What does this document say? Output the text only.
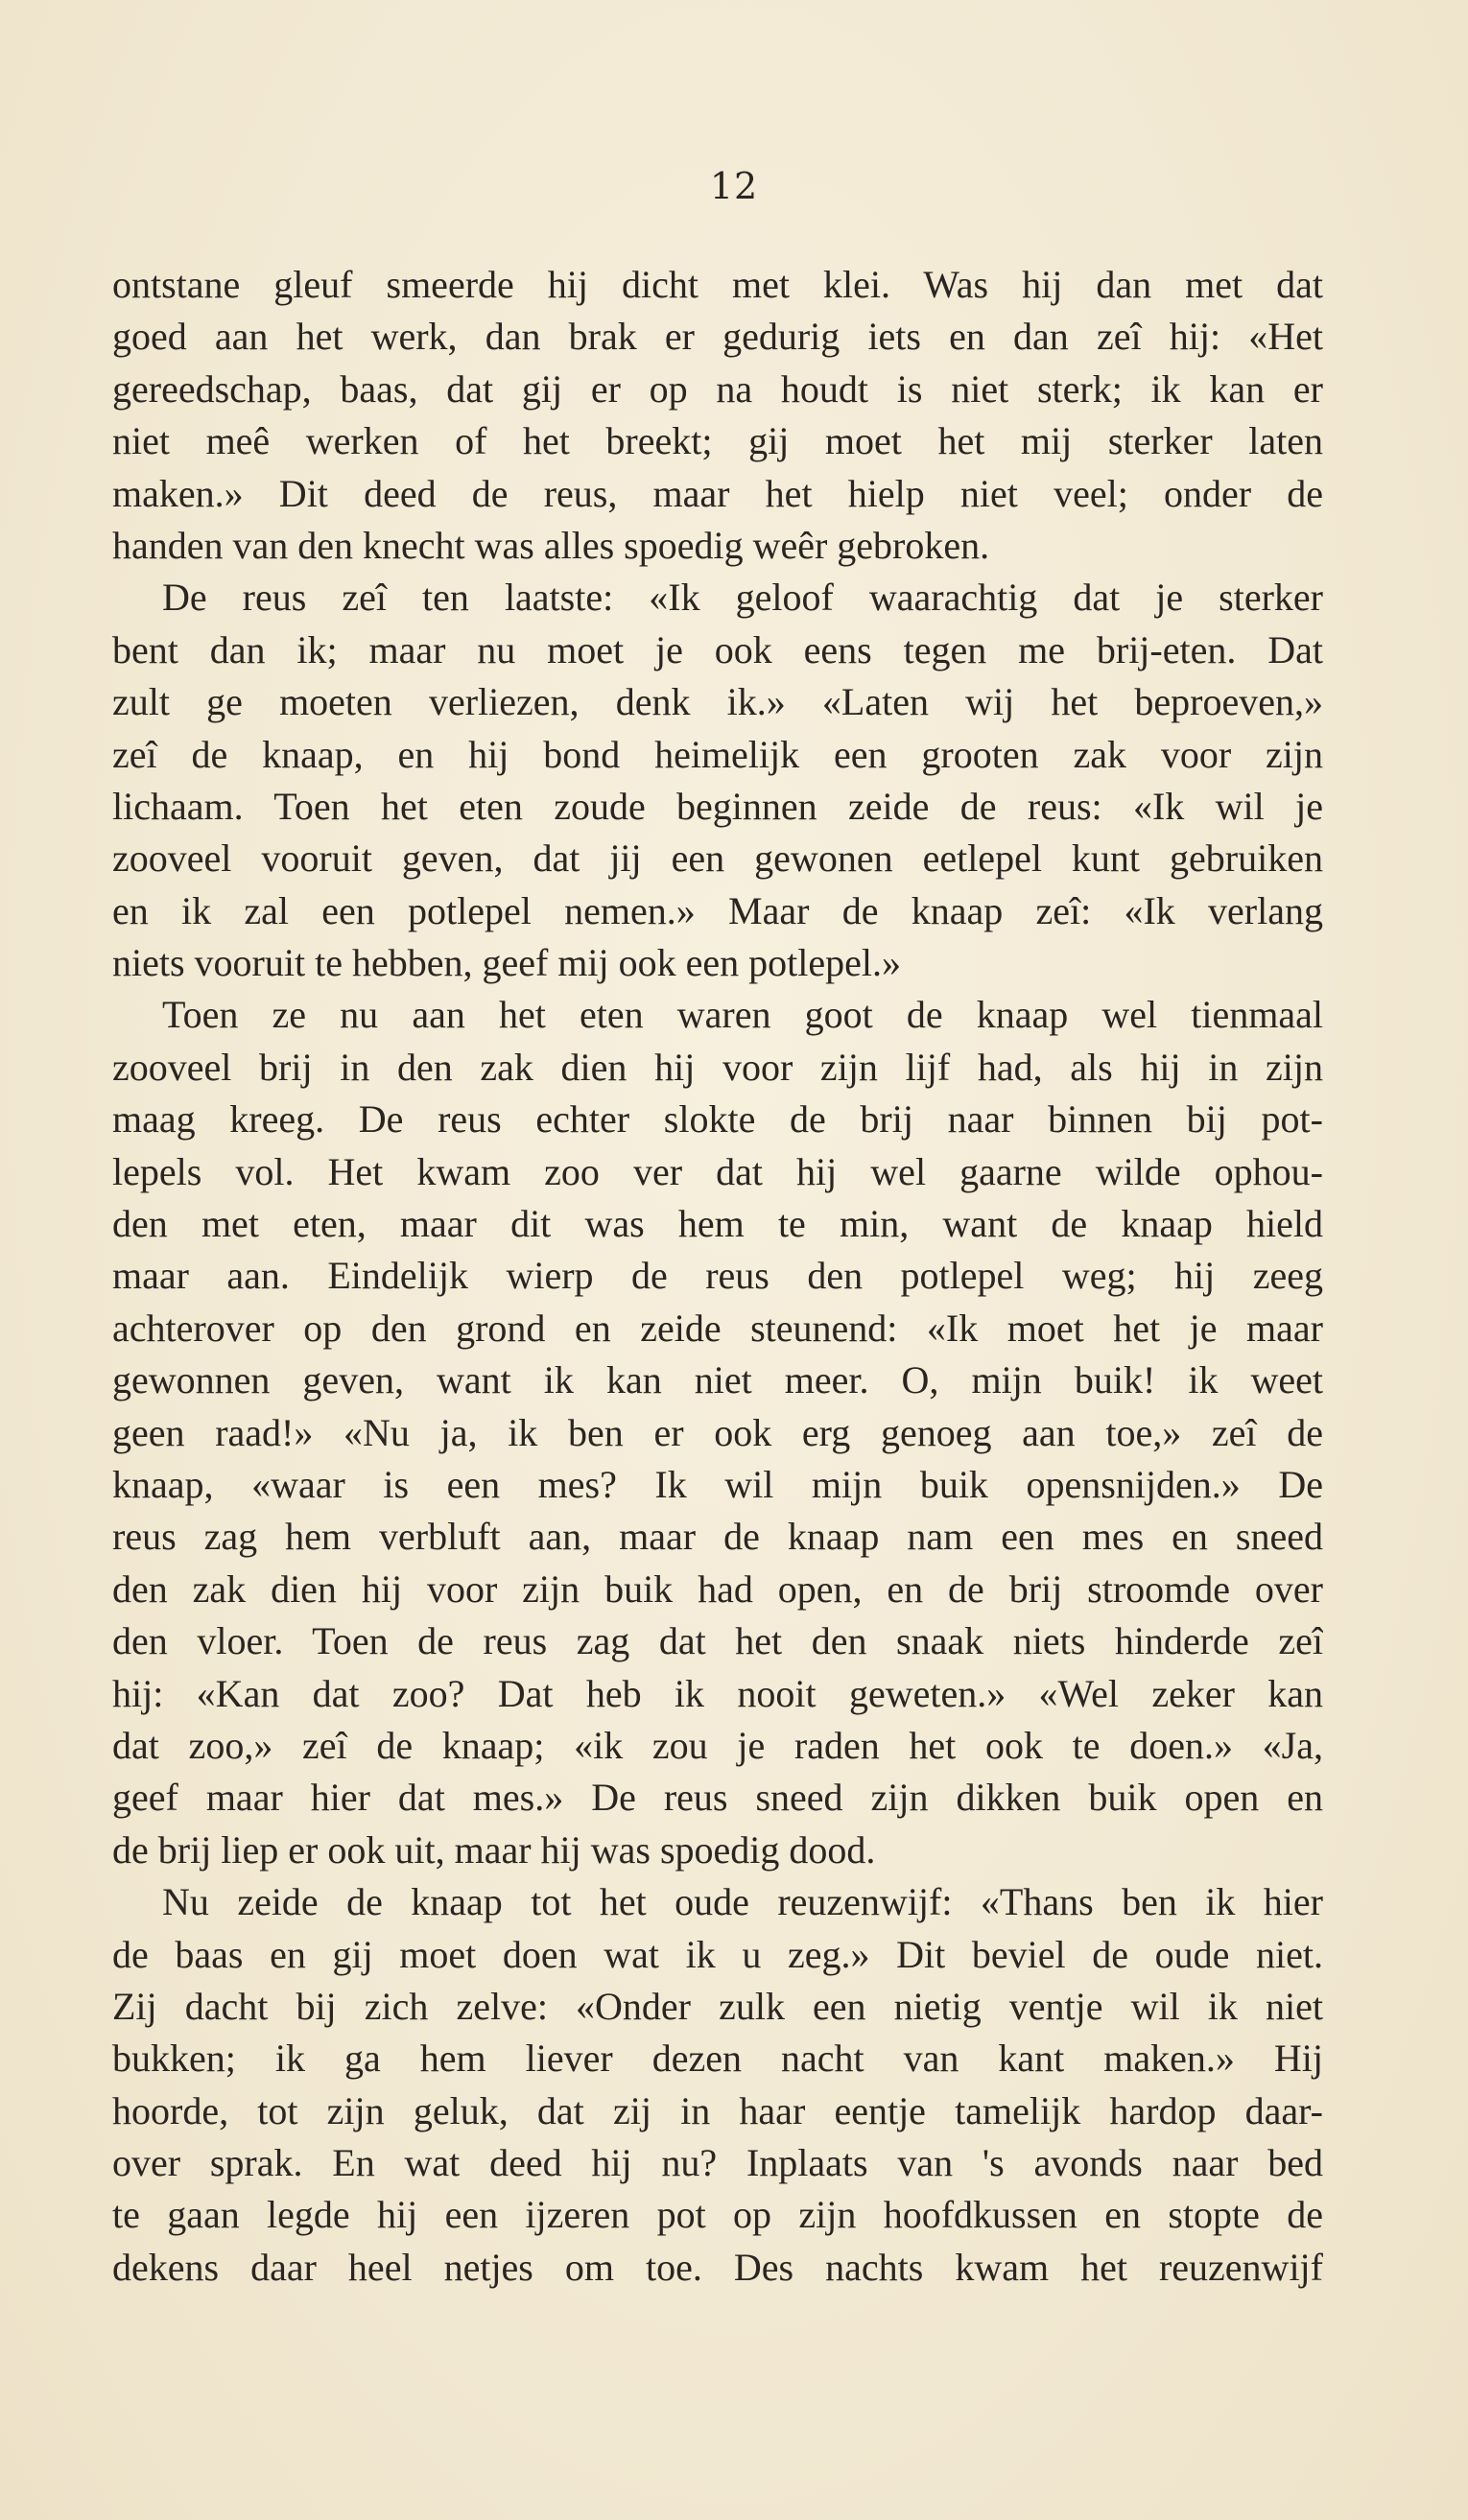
12
ontstane gleuf smeerde hij dicht met klei. Was hij dan met dat
goed aan het werk, dan brak er gedurig iets en dan zeî hij: «Het
gereedschap, baas, dat gij er op na houdt is niet sterk; ik kan er
niet meê werken of het breekt; gij moet het mij sterker laten
maken.» Dit deed de reus, maar het hielp niet veel; onder de
handen van den knecht was alles spoedig weêr gebroken.
De reus zeî ten laatste: «Ik geloof waarachtig dat je sterker
bent dan ik; maar nu moet je ook eens tegen me brij-eten. Dat
zult ge moeten verliezen, denk ik.» «Laten wij het beproeven,»
zeî de knaap, en hij bond heimelijk een grooten zak voor zijn
lichaam. Toen het eten zoude beginnen zeide de reus: «Ik wil je
zooveel vooruit geven, dat jij een gewonen eetlepel kunt gebruiken
en ik zal een potlepel nemen.» Maar de knaap zeî: «Ik verlang
niets vooruit te hebben, geef mij ook een potlepel.»
Toen ze nu aan het eten waren goot de knaap wel tienmaal
zooveel brij in den zak dien hij voor zijn lijf had, als hij in zijn
maag kreeg. De reus echter slokte de brij naar binnen bij pot-
lepels vol. Het kwam zoo ver dat hij wel gaarne wilde ophou-
den met eten, maar dit was hem te min, want de knaap hield
maar aan. Eindelijk wierp de reus den potlepel weg; hij zeeg
achterover op den grond en zeide steunend: «Ik moet het je maar
gewonnen geven, want ik kan niet meer. O, mijn buik! ik weet
geen raad!» «Nu ja, ik ben er ook erg genoeg aan toe,» zeî de
knaap, «waar is een mes? Ik wil mijn buik opensnijden.» De
reus zag hem verbluft aan, maar de knaap nam een mes en sneed
den zak dien hij voor zijn buik had open, en de brij stroomde over
den vloer. Toen de reus zag dat het den snaak niets hinderde zeî
hij: «Kan dat zoo? Dat heb ik nooit geweten.» «Wel zeker kan
dat zoo,» zeî de knaap; «ik zou je raden het ook te doen.» «Ja,
geef maar hier dat mes.» De reus sneed zijn dikken buik open en
de brij liep er ook uit, maar hij was spoedig dood.
Nu zeide de knaap tot het oude reuzenwijf: «Thans ben ik hier
de baas en gij moet doen wat ik u zeg.» Dit beviel de oude niet.
Zij dacht bij zich zelve: «Onder zulk een nietig ventje wil ik niet
bukken; ik ga hem liever dezen nacht van kant maken.» Hij
hoorde, tot zijn geluk, dat zij in haar eentje tamelijk hardop daar-
over sprak. En wat deed hij nu? Inplaats van 's avonds naar bed
te gaan legde hij een ijzeren pot op zijn hoofdkussen en stopte de
dekens daar heel netjes om toe. Des nachts kwam het reuzenwijf
